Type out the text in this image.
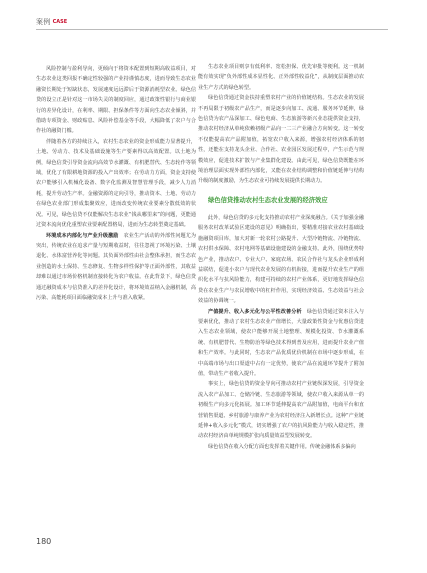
案例 CASE

风险控制与盈利导向，更倾向于将资本配置到短期高收益项目，对生态农业这类回报不确定性较强的产业持谨慎态度，进而导致生态农业融资长期处于短缺状态，发展速度远远滞后于资源消耗型农业。绿色信贷的设立正是针对这一市场失灵的制度回应，通过政策性银行与商业银行的差异化设计，在利率、期限、担保条件等方面向生态农业倾斜，并借助专项资金、财政贴息、风险补偿基金等手段，大幅降低了农户与合作社的融资门槛。

伴随着各方的持续注入，农村生态农业的资金形成能力显著提升，土地、劳动力、技术及基础设施等生产要素得以高效配置。以土地为例，绿色信贷引导资金流向高效节水灌溉、有机肥替代、生态轮作等领域，优化了有限耕地资源的投入产出效率；在劳动力方面，资金支持使农户能够引入机械化设备、数字化监测及智慧管理手段，减少人力消耗，提升劳动生产率。金融资源的定向引导，推动资本、土地、劳动力在绿色农业部门形成集聚效应，进而改变传统农业要素分散低效的状况。可见，绿色信贷不仅能解决生态农业“钱从哪里来”的问题，更能通过资本流向优化重塑农业要素配置格局，进而为生态转型奠定基础。

环境成本内部化与产业升级激励　农业生产活动的外部性问题尤为突出，传统农业在追求产量与短期收益时，往往忽视了环境污染、土壤退化、水体富营养化等问题。其负面外部性由社会整体承担，而生态农业创造的水土保持、生态修复、生物多样性保护等正面外部性，其收益却难以通过市场价格机制直接转化为农户收益。在此背景下，绿色信贷通过融资成本与信贷准入的差异化设计，将环境效益纳入金融机制，高污染、高能耗项目面临融资成本上升与准入收紧。

生态农业项目则享有低利率、宽松担保、优先审批等便利。这一机制能有效实现“负外部性成本显性化、正外部性收益化”，从制度层面推动农业生产方式的绿色转型。

绿色信贷通过资金扶持重塑农村产业的价值链结构。生态农业的发展不再局限于初级农产品生产，而是逐步向加工、流通、服务环节延伸，绿色信贷为农产品深加工、绿色电商、生态旅游等新兴业态提供资金支持，推动农村经济从单纯依赖初级产品向一二三产业融合方向转变。这一转变不仅能提高农产品附加值，拓宽农户收入来源，增强农村经济体系的韧性，还能在支持龙头企业、合作社、农业园区发展过程中，产生示范与规模效应，促进技术扩散与产业集群化建设。由此可见，绿色信贷既能在环境治理层面实现外部性内部化，又能在农业结构调整和价值链延伸与结构升级的制度激励，为生态农业可持续发展提供长期动力。

绿色信贷推动农村生态农业发展的经济效应

此外，绿色信贷的多元化支持推动农村产业深度融合。《关于加强金融服务农村改革试验区建设的意见》明确指出，要精准对接农业农村基础设施融资项目库，加大对新一轮农村公路提升、大型冷链物流、冷链物流、农村供水保障、农村电网等基础设施建设的金融支持。此外，围绕优势特色产业，推动农户、专业大户、家庭农场、农民合作社与龙头企业形成利益联结，促进小农户与现代农业发展的有机衔接，进而提升农业生产的组织化水平与抗风险能力，构建可持续的农村产业体系，更好地发挥绿色信贷在农业生产与农民增收中的杠杆作用，实现经济效益、生态效益与社会效益的协调统一。

产值提升、收入多元化与公平性改善分析　绿色信贷通过资本注入与要素优化，推动了农村生态农业产值增长，大量政策性资金与优惠信贷进入生态农业领域，使农户能够开展土地整理、规模化投资、节水灌溉系统、有机肥替代、生物防治等绿色技术得到普及应用，进而提升农业产值和生产效率。与此同时，生态农产品优质优价机制在市场中逐步形成，在中高端市场与出口渠道中占有一定优势，使农产品在流通环节提升了附加值，带动生产者收入提升。

事实上，绿色信贷的资金导向可推动农村产业链纵深发展，引导资金流入农产品加工、仓储冷链、生态旅游等领域，使农户收入来源从单一的初级生产向多元化拓展。加工环节延伸提高农产品附加值，电商平台和直营销售渠道、乡村旅游与康养产业为农村经济注入新增长点。这种“产业链延伸+收入多元化”模式，切实增强了农户的抗风险能力与收入稳定性，推动农村经济由单纯规模扩张向质量效益型发展转变。

绿色信贷在收入分配方面也发挥着关键作用。传统金融体系多偏向

180
